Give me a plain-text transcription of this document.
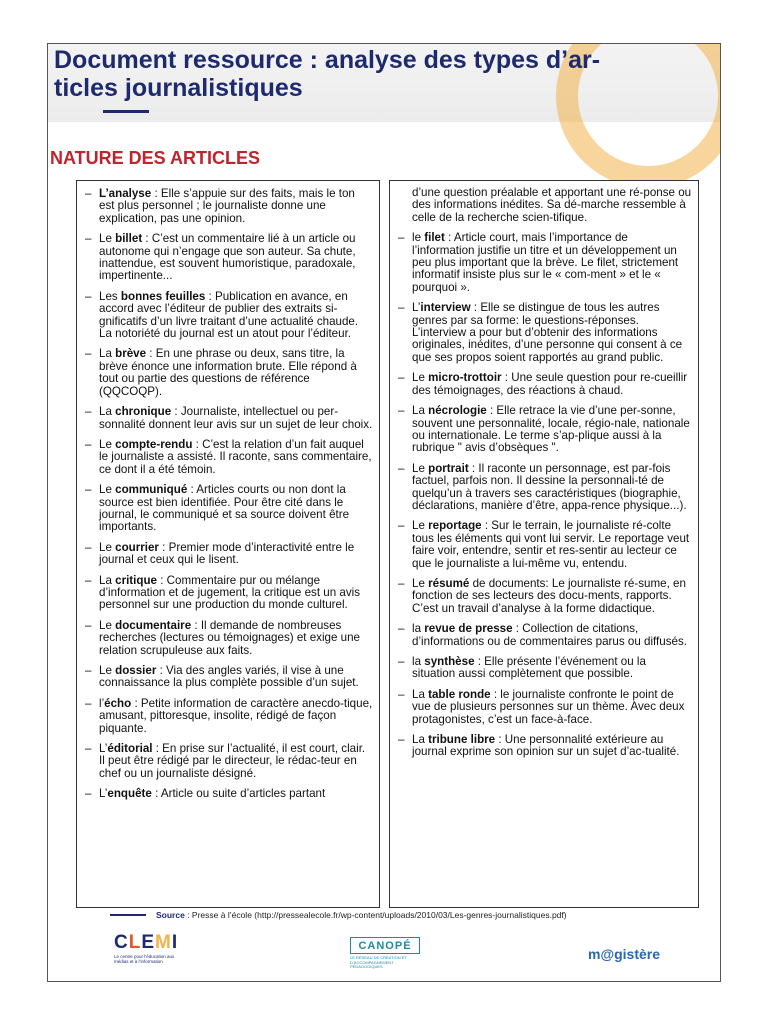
Document ressource : analyse des types d’ar-
ticles journalistiques
NATURE DES ARTICLES
– L’analyse : Elle s’appuie sur des faits, mais le ton est plus personnel ; le journaliste donne une explication, pas une opinion.
– Le billet : C’est un commentaire lié à un article ou autonome qui n’engage que son auteur. Sa chute, inattendue, est souvent humoristique, paradoxale, impertinente...
– Les bonnes feuilles : Publication en avance, en accord avec l’éditeur de publier des extraits si-gnificatifs d’un livre traitant d’une actualité chaude. La notoriété du journal est un atout pour l’éditeur.
– La brève : En une phrase ou deux, sans titre, la brève énonce une information brute. Elle répond à tout ou partie des questions de référence (QQCOQP).
– La chronique : Journaliste, intellectuel ou per-sonnalité donnent leur avis sur un sujet de leur choix.
– Le compte-rendu : C’est la relation d’un fait auquel le journaliste a assisté. Il raconte, sans commentaire, ce dont il a été témoin.
– Le communiqué : Articles courts ou non dont la source est bien identifiée. Pour être cité dans le journal, le communiqué et sa source doivent être importants.
– Le courrier : Premier mode d’interactivité entre le journal et ceux qui le lisent.
– La critique : Commentaire pur ou mélange d’information et de jugement, la critique est un avis personnel sur une production du monde culturel.
– Le documentaire : Il demande de nombreuses recherches (lectures ou témoignages) et exige une relation scrupuleuse aux faits.
– Le dossier : Via des angles variés, il vise à une connaissance la plus complète possible d’un sujet.
– l’écho : Petite information de caractère anecdo-tique, amusant, pittoresque, insolite, rédigé de façon piquante.
– L’éditorial : En prise sur l’actualité, il est court, clair. Il peut être rédigé par le directeur, le rédac-teur en chef ou un journaliste désigné.
– L’enquête : Article ou suite d’articles partant
d’une question préalable et apportant une ré-ponse ou des informations inédites. Sa dé-marche ressemble à celle de la recherche scien-tifique.
– le filet : Article court, mais l’importance de l’information justifie un titre et un développement un peu plus important que la brève. Le filet, strictement informatif insiste plus sur le « com-ment » et le « pourquoi ».
– L’interview : Elle se distingue de tous les autres genres par sa forme: le questions-réponses. L’interview a pour but d’obtenir des informations originales, inédites, d’une personne qui consent à ce que ses propos soient rapportés au grand public.
– Le micro-trottoir : Une seule question pour re-cueillir des témoignages, des réactions à chaud.
– La nécrologie : Elle retrace la vie d’une per-sonne, souvent une personnalité, locale, régio-nale, nationale ou internationale. Le terme s’ap-plique aussi à la rubrique " avis d’obsèques ".
– Le portrait : Il raconte un personnage, est par-fois factuel, parfois non. Il dessine la personnali-té de quelqu’un à travers ses caractéristiques (biographie, déclarations, manière d’être, appa-rence physique...).
– Le reportage : Sur le terrain, le journaliste ré-colte tous les éléments qui vont lui servir. Le reportage veut faire voir, entendre, sentir et res-sentir au lecteur ce que le journaliste a lui-même vu, entendu.
– Le résumé de documents: Le journaliste ré-sume, en fonction de ses lecteurs des docu-ments, rapports. C’est un travail d’analyse à la forme didactique.
– la revue de presse : Collection de citations, d’informations ou de commentaires parus ou diffusés.
– la synthèse : Elle présente l’événement ou la situation aussi complètement que possible.
– La table ronde : le journaliste confronte le point de vue de plusieurs personnes sur un thème. Avec deux protagonistes, c’est un face-à-face.
– La tribune libre : Une personnalité extérieure au journal exprime son opinion sur un sujet d’ac-tualité.
Source : Presse à l’école (http://pressealecole.fr/wp-content/uploads/2010/03/Les-genres-journalistiques.pdf)
CLEMI
Le centre pour l’éducation aux médias et à l’information
CANOPÉ
LE RÉSEAU DE CRÉATION ET D’ACCOMPAGNEMENT PÉDAGOGIQUES
m@gistère
